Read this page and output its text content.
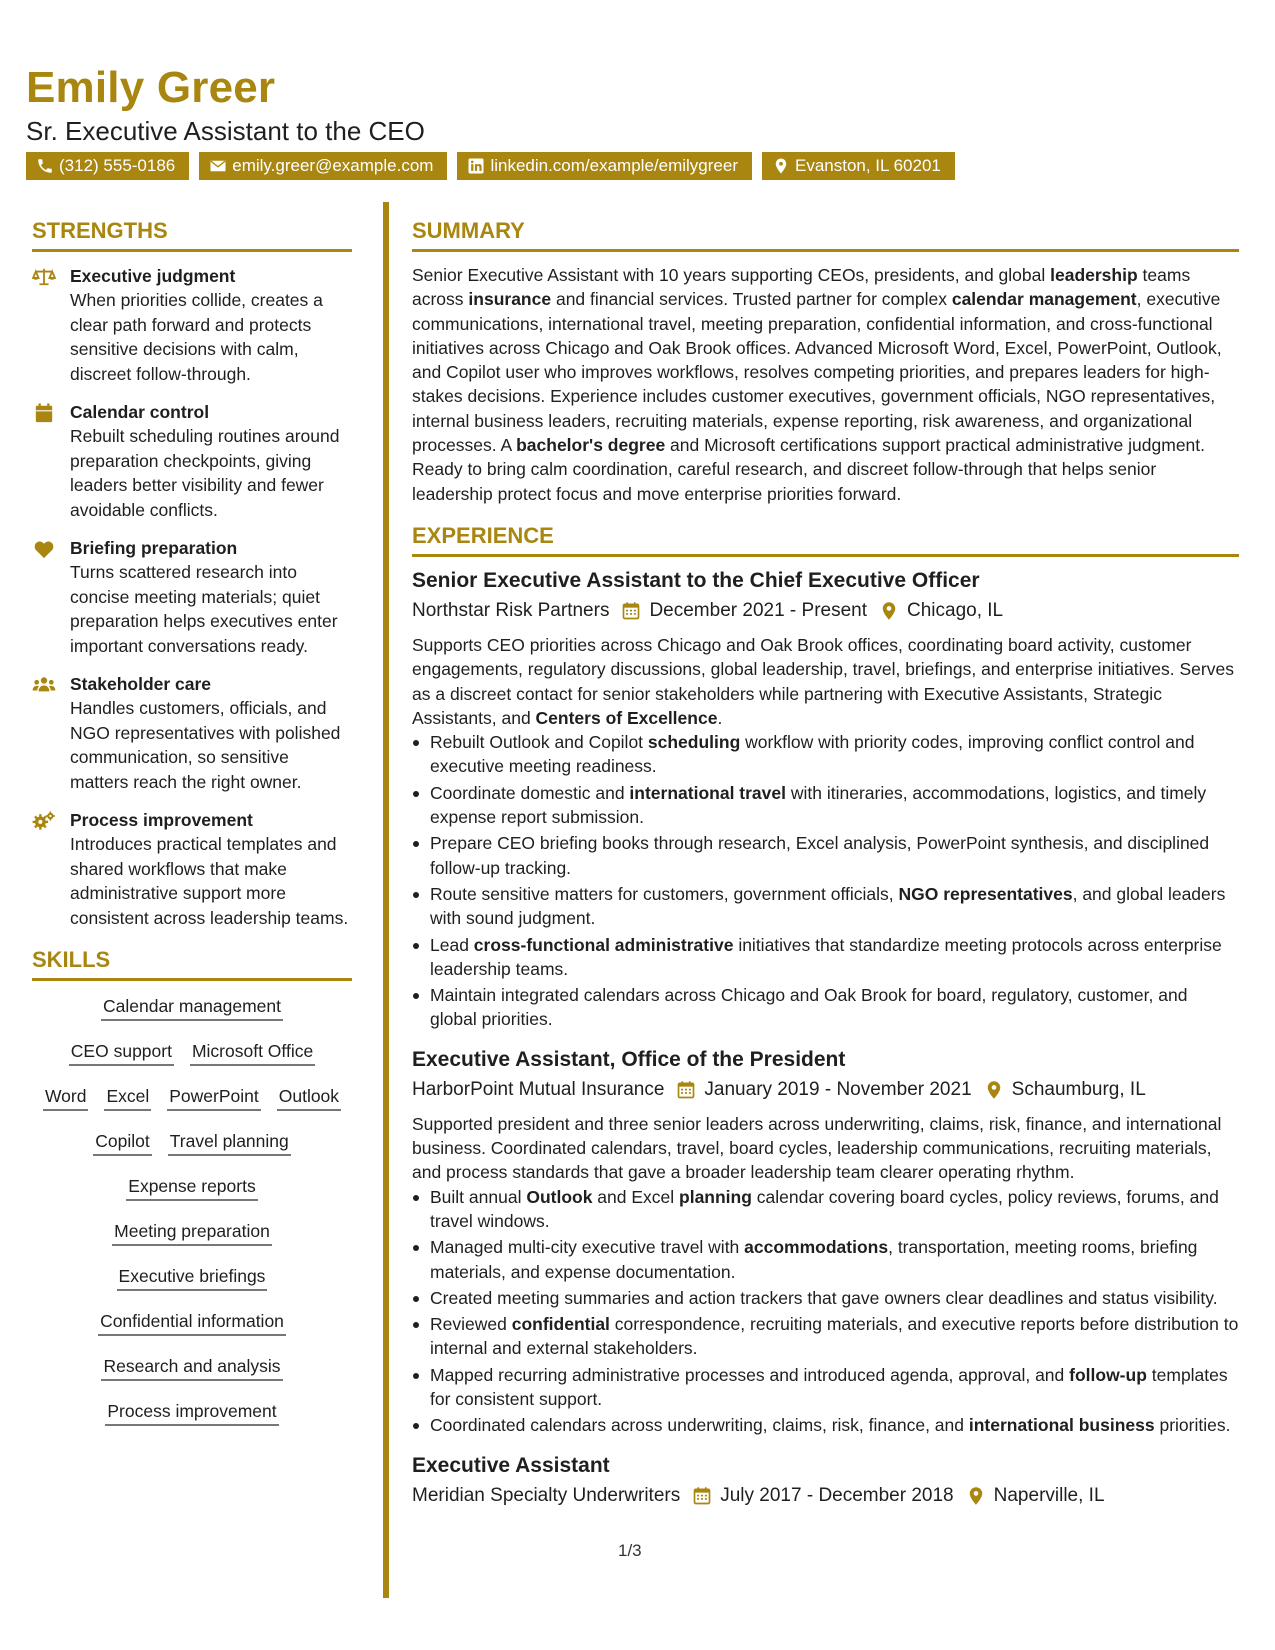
Emily Greer
Sr. Executive Assistant to the CEO
(312) 555-0186	emily.greer@example.com	linkedin.com/example/emilygreer	Evanston, IL 60201
STRENGTHS
Executive judgment
When priorities collide, creates a clear path forward and protects sensitive decisions with calm, discreet follow-through.
Calendar control
Rebuilt scheduling routines around preparation checkpoints, giving leaders better visibility and fewer avoidable conflicts.
Briefing preparation
Turns scattered research into concise meeting materials; quiet preparation helps executives enter important conversations ready.
Stakeholder care
Handles customers, officials, and NGO representatives with polished communication, so sensitive matters reach the right owner.
Process improvement
Introduces practical templates and shared workflows that make administrative support more consistent across leadership teams.
SKILLS
Calendar management
CEO support Microsoft Office
Word Excel PowerPoint Outlook
Copilot Travel planning
Expense reports
Meeting preparation
Executive briefings
Confidential information
Research and analysis
Process improvement
SUMMARY
Senior Executive Assistant with 10 years supporting CEOs, presidents, and global leadership teams across insurance and financial services. Trusted partner for complex calendar management, executive communications, international travel, meeting preparation, confidential information, and cross-functional initiatives across Chicago and Oak Brook offices. Advanced Microsoft Word, Excel, PowerPoint, Outlook, and Copilot user who improves workflows, resolves competing priorities, and prepares leaders for high-stakes decisions. Experience includes customer executives, government officials, NGO representatives, internal business leaders, recruiting materials, expense reporting, risk awareness, and organizational processes. A bachelor's degree and Microsoft certifications support practical administrative judgment. Ready to bring calm coordination, careful research, and discreet follow-through that helps senior leadership protect focus and move enterprise priorities forward.
EXPERIENCE
Senior Executive Assistant to the Chief Executive Officer
Northstar Risk Partners December 2021 - Present Chicago, IL
Supports CEO priorities across Chicago and Oak Brook offices, coordinating board activity, customer engagements, regulatory discussions, global leadership, travel, briefings, and enterprise initiatives. Serves as a discreet contact for senior stakeholders while partnering with Executive Assistants, Strategic Assistants, and Centers of Excellence.
Rebuilt Outlook and Copilot scheduling workflow with priority codes, improving conflict control and executive meeting readiness.
Coordinate domestic and international travel with itineraries, accommodations, logistics, and timely expense report submission.
Prepare CEO briefing books through research, Excel analysis, PowerPoint synthesis, and disciplined follow-up tracking.
Route sensitive matters for customers, government officials, NGO representatives, and global leaders with sound judgment.
Lead cross-functional administrative initiatives that standardize meeting protocols across enterprise leadership teams.
Maintain integrated calendars across Chicago and Oak Brook for board, regulatory, customer, and global priorities.
Executive Assistant, Office of the President
HarborPoint Mutual Insurance January 2019 - November 2021 Schaumburg, IL
Supported president and three senior leaders across underwriting, claims, risk, finance, and international business. Coordinated calendars, travel, board cycles, leadership communications, recruiting materials, and process standards that gave a broader leadership team clearer operating rhythm.
Built annual Outlook and Excel planning calendar covering board cycles, policy reviews, forums, and travel windows.
Managed multi-city executive travel with accommodations, transportation, meeting rooms, briefing materials, and expense documentation.
Created meeting summaries and action trackers that gave owners clear deadlines and status visibility.
Reviewed confidential correspondence, recruiting materials, and executive reports before distribution to internal and external stakeholders.
Mapped recurring administrative processes and introduced agenda, approval, and follow-up templates for consistent support.
Coordinated calendars across underwriting, claims, risk, finance, and international business priorities.
Executive Assistant
Meridian Specialty Underwriters July 2017 - December 2018 Naperville, IL
1/3
